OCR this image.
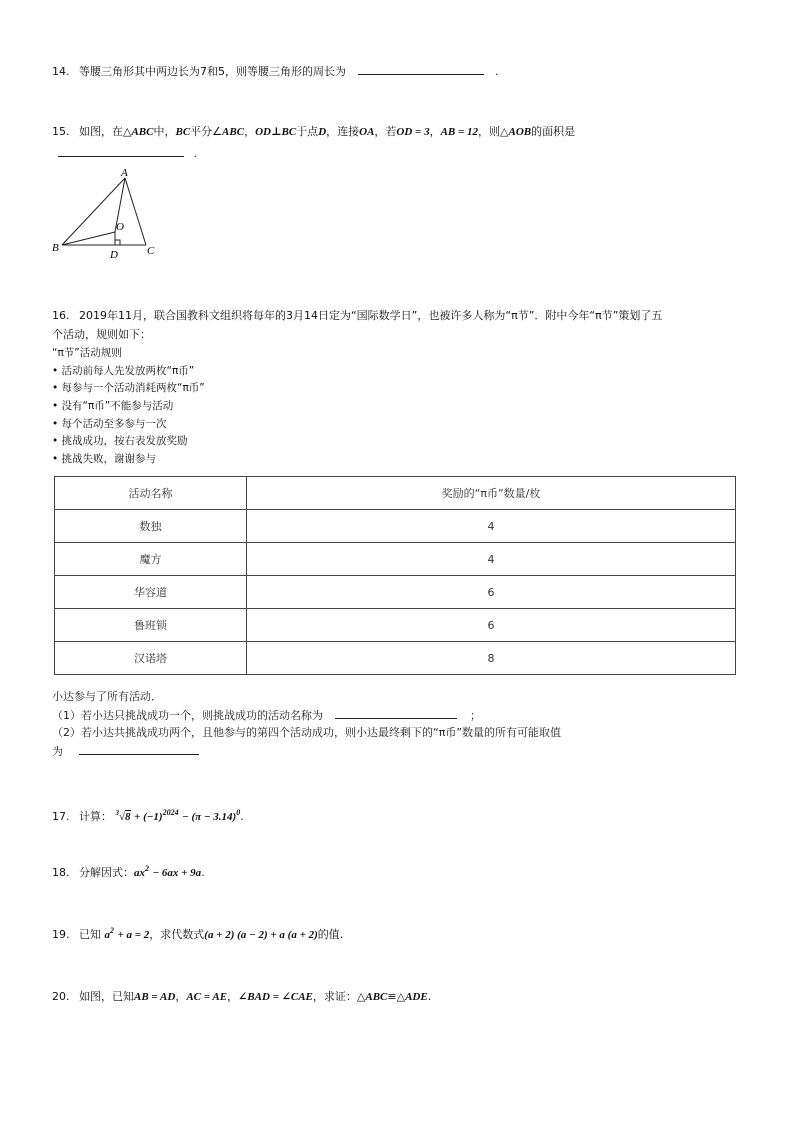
14. 等腰三角形其中两边长为7和5，则等腰三角形的周长为	.
15. 如图，在△ABC中，BC平分∠ABC，OD⊥BC于点D，连接OA，若OD = 3，AB = 12，则△AOB的面积是
.
A
O
B
D	C
16. 2019年11月，联合国教科文组织将每年的3月14日定为“国际数学日”，也被许多人称为“π节”．附中今年“π节”策划了五
个活动，规则如下：
“π节”活动规则
• 活动前每人先发放两枚“π币”
• 每参与一个活动消耗两枚“π币”
• 没有“π币”不能参与活动
• 每个活动至多参与一次
• 挑战成功，按右表发放奖励
• 挑战失败，谢谢参与
活动名称	奖励的“π币”数量/枚
数独	4
魔方	4
华容道	6
鲁班锁	6
汉诺塔	8
小达参与了所有活动．
（1）若小达只挑战成功一个，则挑战成功的活动名称为	；
（2）若小达共挑战成功两个，且他参与的第四个活动成功，则小达最终剩下的“π币”数量的所有可能取值
为
17. 计算： $^3√8 + (-1)^{2024} - (\pi - 3.14)^0$.
18. 分解因式：$ax^2 - 6ax + 9a$.
19. 已知 $a^2 + a = 2$，求代数式(a + 2) (a − 2) + a (a + 2)的值.
20. 如图，已知AB = AD，AC = AE，∠BAD = ∠CAE，求证：△ABC≌△ADE.
